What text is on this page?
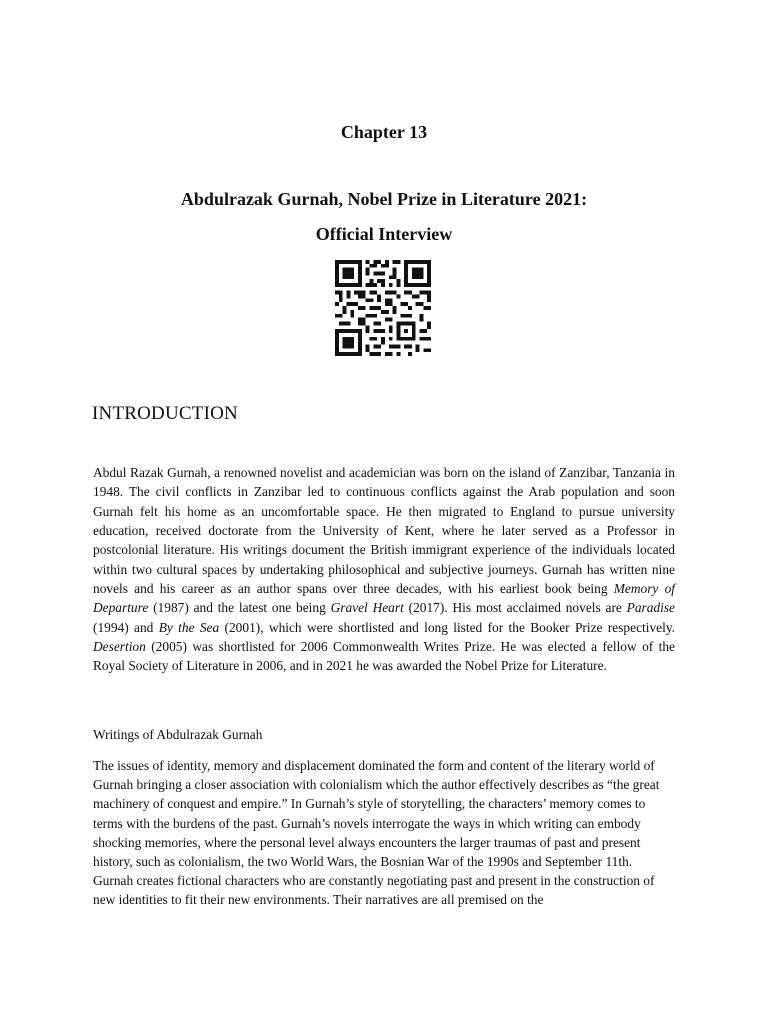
Chapter 13
Abdulrazak Gurnah, Nobel Prize in Literature 2021:
Official Interview
INTRODUCTION

Abdul Razak Gurnah, a renowned novelist and academician was born on the island of Zanzibar, Tanzania in 1948. The civil conflicts in Zanzibar led to continuous conflicts against the Arab population and soon Gurnah felt his home as an uncomfortable space. He then migrated to England to pursue university education, received doctorate from the University of Kent, where he later served as a Professor in postcolonial literature. His writings document the British immigrant experience of the individuals located within two cultural spaces by undertaking philosophical and subjective journeys. Gurnah has written nine novels and his career as an author spans over three decades, with his earliest book being Memory of Departure (1987) and the latest one being Gravel Heart (2017). His most acclaimed novels are Paradise (1994) and By the Sea (2001), which were shortlisted and long listed for the Booker Prize respectively. Desertion (2005) was shortlisted for 2006 Commonwealth Writes Prize. He was elected a fellow of the Royal Society of Literature in 2006, and in 2021 he was awarded the Nobel Prize for Literature.

Writings of Abdulrazak Gurnah

The issues of identity, memory and displacement dominated the form and content of the literary world of Gurnah bringing a closer association with colonialism which the author effectively describes as “the great machinery of conquest and empire.” In Gurnah’s style of storytelling, the characters’ memory comes to terms with the burdens of the past. Gurnah’s novels interrogate the ways in which writing can embody shocking memories, where the personal level always encounters the larger traumas of past and present history, such as colonialism, the two World Wars, the Bosnian War of the 1990s and September 11th. Gurnah creates fictional characters who are constantly negotiating past and present in the construction of new identities to fit their new environments. Their narratives are all premised on the
